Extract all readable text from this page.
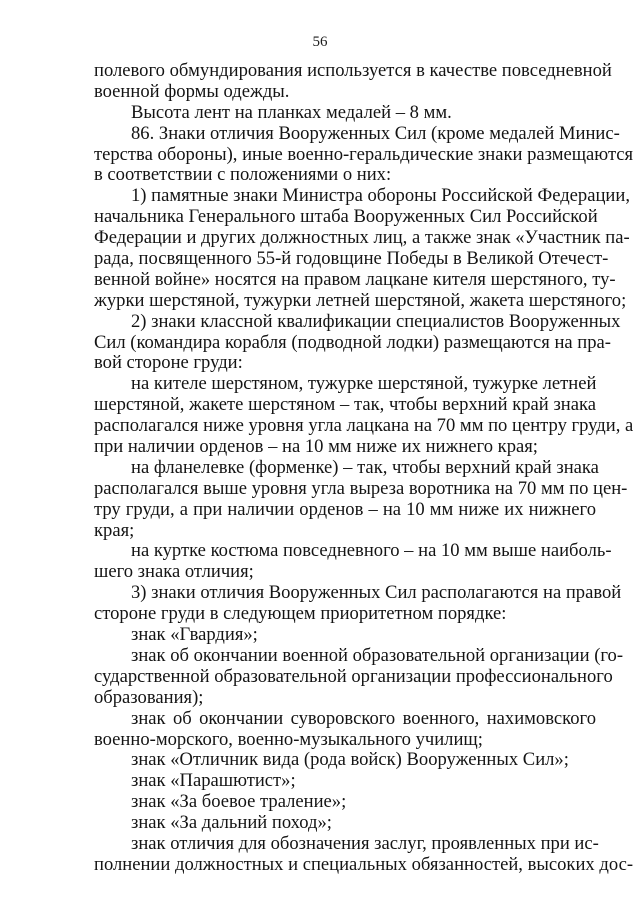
56
полевого обмундирования используется в качестве повседневной
военной формы одежды.
Высота лент на планках медалей – 8 мм.
86. Знаки отличия Вооруженных Сил (кроме медалей Минис-
терства обороны), иные военно-геральдические знаки размещаются
в соответствии с положениями о них:
1) памятные знаки Министра обороны Российской Федерации,
начальника Генерального штаба Вооруженных Сил Российской
Федерации и других должностных лиц, а также знак «Участник па-
рада, посвященного 55-й годовщине Победы в Великой Отечест-
венной войне» носятся на правом лацкане кителя шерстяного, ту-
журки шерстяной, тужурки летней шерстяной, жакета шерстяного;
2) знаки классной квалификации специалистов Вооруженных
Сил (командира корабля (подводной лодки) размещаются на пра-
вой стороне груди:
на кителе шерстяном, тужурке шерстяной, тужурке летней
шерстяной, жакете шерстяном – так, чтобы верхний край знака
располагался ниже уровня угла лацкана на 70 мм по центру груди, а
при наличии орденов – на 10 мм ниже их нижнего края;
на фланелевке (форменке) – так, чтобы верхний край знака
располагался выше уровня угла выреза воротника на 70 мм по цен-
тру груди, а при наличии орденов – на 10 мм ниже их нижнего
края;
на куртке костюма повседневного – на 10 мм выше наиболь-
шего знака отличия;
3) знаки отличия Вооруженных Сил располагаются на правой
стороне груди в следующем приоритетном порядке:
знак «Гвардия»;
знак об окончании военной образовательной организации (го-
сударственной образовательной организации профессионального
образования);
знак об окончании суворовского военного, нахимовского
военно-морского, военно-музыкального училищ;
знак «Отличник вида (рода войск) Вооруженных Сил»;
знак «Парашютист»;
знак «За боевое траление»;
знак «За дальний поход»;
знак отличия для обозначения заслуг, проявленных при ис-
полнении должностных и специальных обязанностей, высоких дос-
